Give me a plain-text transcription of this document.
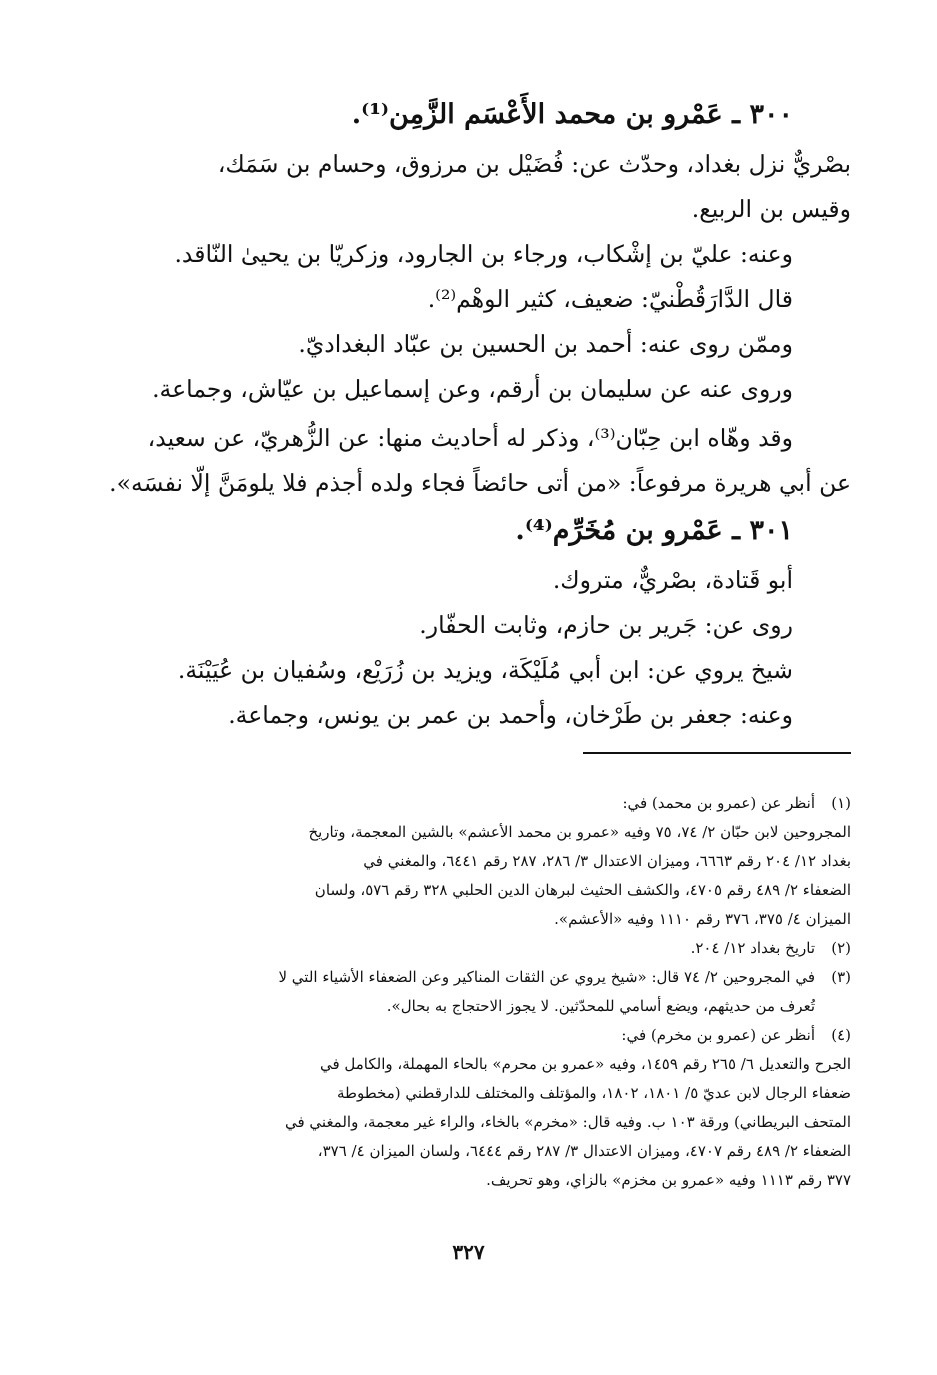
٣٠٠ ـ عَمْرو بن محمد الأَعْسَم الزَّمِن⁽¹⁾.

بصْريٌّ نزل بغداد، وحدّث عن: فُضَيْل بن مرزوق، وحسام بن سَمَك،

وقيس بن الربيع.

وعنه: عليّ بن إشْكاب، ورجاء بن الجارود، وزكريّا بن يحيىٰ النّاقد.

قال الدَّارَقُطْنيّ: ضعيف، كثير الوهْم⁽²⁾.

وممّن روى عنه: أحمد بن الحسين بن عبّاد البغداديّ.

وروى عنه عن سليمان بن أرقم، وعن إسماعيل بن عيّاش، وجماعة.

وقد وهّاه ابن حِبّان⁽³⁾، وذكر له أحاديث منها: عن الزُّهريّ، عن سعيد،

عن أبي هريرة مرفوعاً: «من أتى حائضاً فجاء ولده أجذم فلا يلومَنَّ إلّا نفسَه».

٣٠١ ـ عَمْرو بن مُخَرِّم⁽⁴⁾.

أبو قَتادة، بصْريٌّ، متروك.

روى عن: جَرير بن حازم، وثابت الحفّار.

شيخ يروي عن: ابن أبي مُلَيْكَة، ويزيد بن زُرَيْع، وسُفيان بن عُيَيْنَة.

وعنه: جعفر بن طَرْخان، وأحمد بن عمر بن يونس، وجماعة.

(١)
أنظر عن (عمرو بن محمد) في:
المجروحين لابن حبّان ٢/ ٧٤، ٧٥ وفيه «عمرو بن محمد الأعشم» بالشين المعجمة، وتاريخ
بغداد ١٢/ ٢٠٤ رقم ٦٦٦٣، وميزان الاعتدال ٣/ ٢٨٦، ٢٨٧ رقم ٦٤٤١، والمغني في
الضعفاء ٢/ ٤٨٩ رقم ٤٧٠٥، والكشف الحثيث لبرهان الدين الحلبي ٣٢٨ رقم ٥٧٦، ولسان
الميزان ٤/ ٣٧٥، ٣٧٦ رقم ١١١٠ وفيه «الأعشم».
(٢)
تاريخ بغداد ١٢/ ٢٠٤.
(٣)
في المجروحين ٢/ ٧٤ قال: «شيخ يروي عن الثقات المناكير وعن الضعفاء الأشياء التي لا
تُعرف من حديثهم، ويضع أسامي للمحدّثين. لا يجوز الاحتجاج به بحال».
(٤)
أنظر عن (عمرو بن مخرم) في:
الجرح والتعديل ٦/ ٢٦٥ رقم ١٤٥٩، وفيه «عمرو بن محرم» بالحاء المهملة، والكامل في
ضعفاء الرجال لابن عديّ ٥/ ١٨٠١، ١٨٠٢، والمؤتلف والمختلف للدارقطني (مخطوطة
المتحف البريطاني) ورقة ١٠٣ ب. وفيه قال: «مخرم» بالخاء، والراء غير معجمة، والمغني في
الضعفاء ٢/ ٤٨٩ رقم ٤٧٠٧، وميزان الاعتدال ٣/ ٢٨٧ رقم ٦٤٤٤، ولسان الميزان ٤/ ٣٧٦،
٣٧٧ رقم ١١١٣ وفيه «عمرو بن مخزم» بالزاي، وهو تحريف.
٣٢٧
